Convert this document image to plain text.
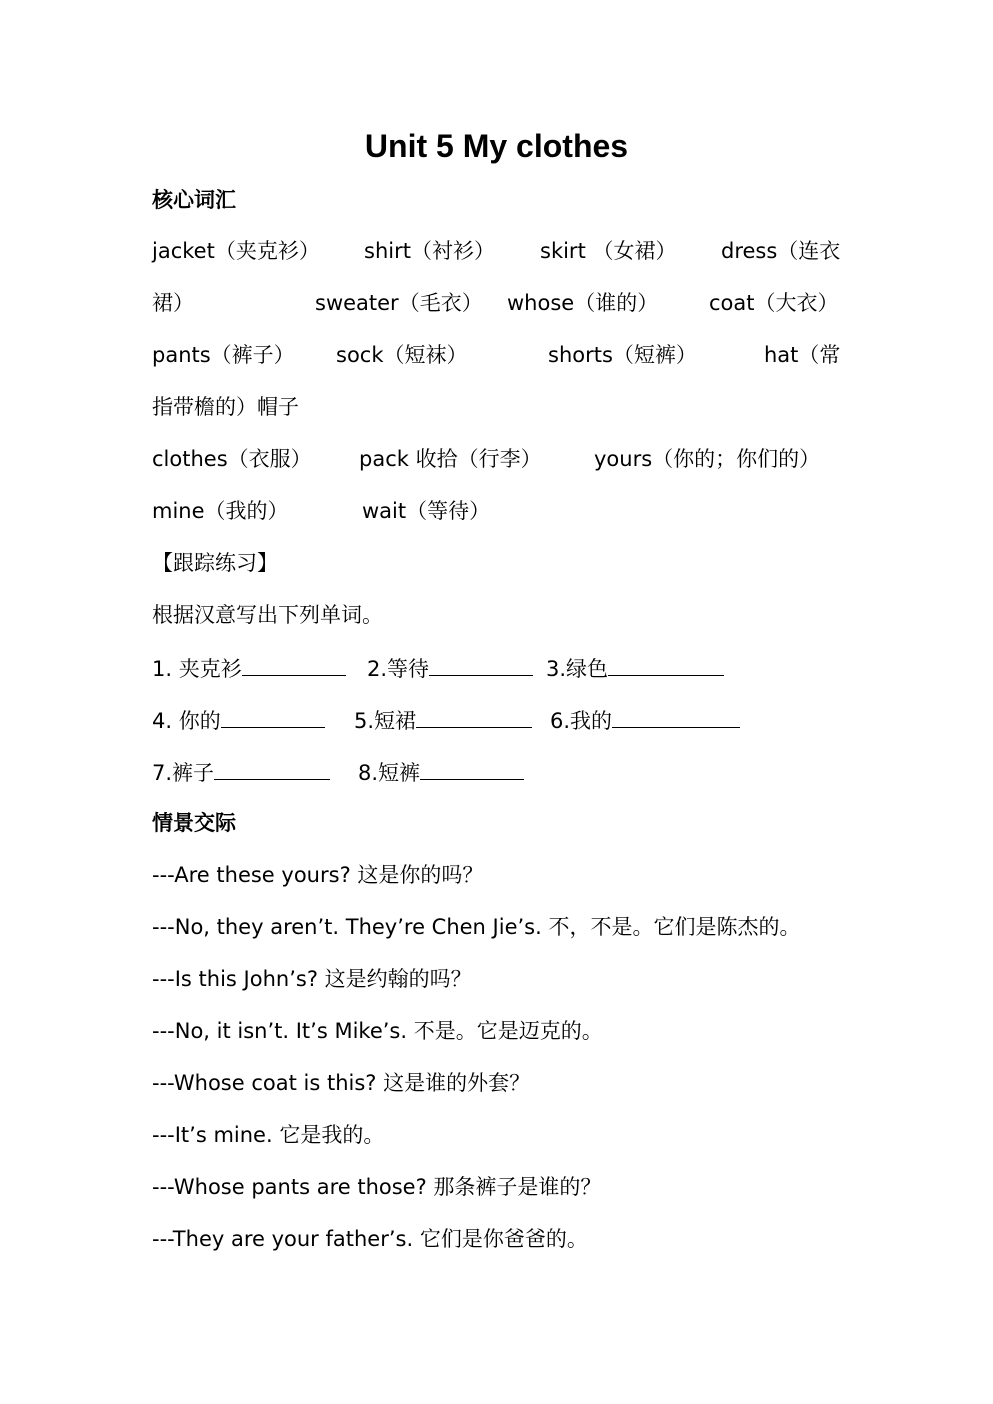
Unit 5 My clothes
核心词汇
jacket（夹克衫） shirt（衬衫） skirt （女裙） dress（连衣
裙）	sweater（毛衣） whose（谁的） coat（大衣）
pants（裤子） sock（短袜）	shorts（短裤）	hat（常
指带檐的）帽子
clothes（衣服） pack 收拾（行李） yours（你的；你们的）
mine（我的）	wait（等待）
【跟踪练习】
根据汉意写出下列单词。
1. 夹克衫	2.等待	3.绿色
4. 你的	5.短裙	6.我的
7.裤子	8.短裤
情景交际
---Are these yours? 这是你的吗？
---No, they aren’t. They’re Chen Jie’s. 不，不是。它们是陈杰的。
---Is this John’s? 这是约翰的吗？
---No, it isn’t. It’s Mike’s. 不是。它是迈克的。
---Whose coat is this? 这是谁的外套？
---It’s mine. 它是我的。
---Whose pants are those? 那条裤子是谁的？
---They are your father’s. 它们是你爸爸的。
